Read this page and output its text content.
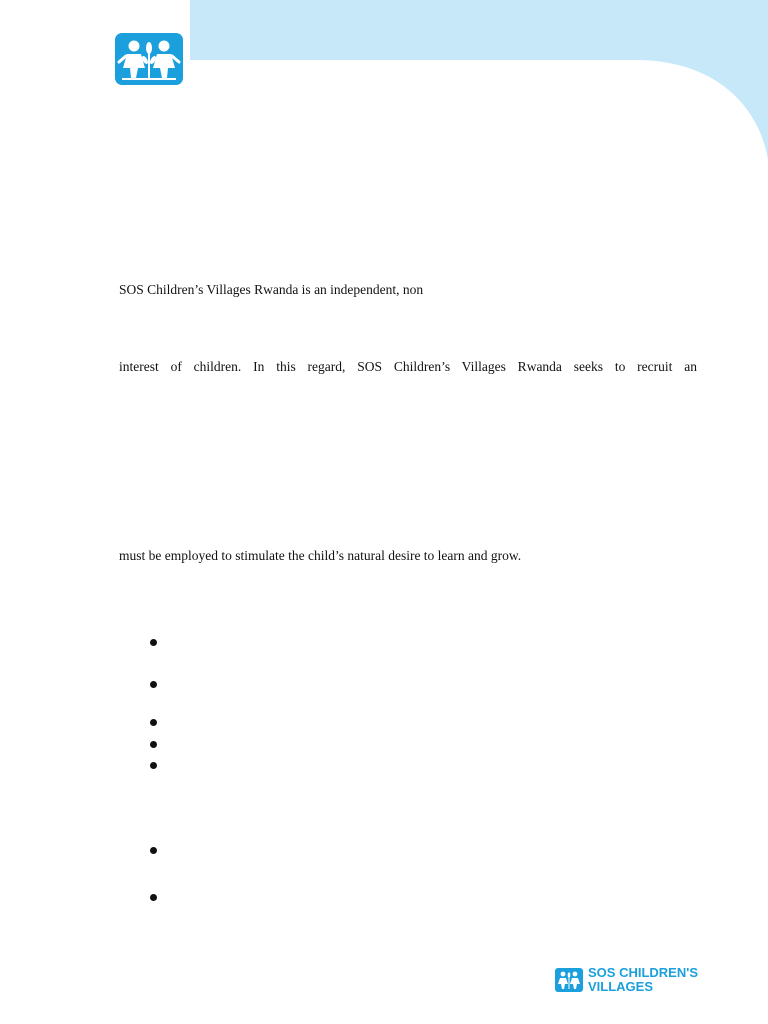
SOS Children’s Villages Rwanda is an independent, non
interest of children. In this regard, SOS Children’s Villages Rwanda seeks to recruit an
must be employed to stimulate the child’s natural desire to learn and grow.
SOS CHILDREN'S
VILLAGES
